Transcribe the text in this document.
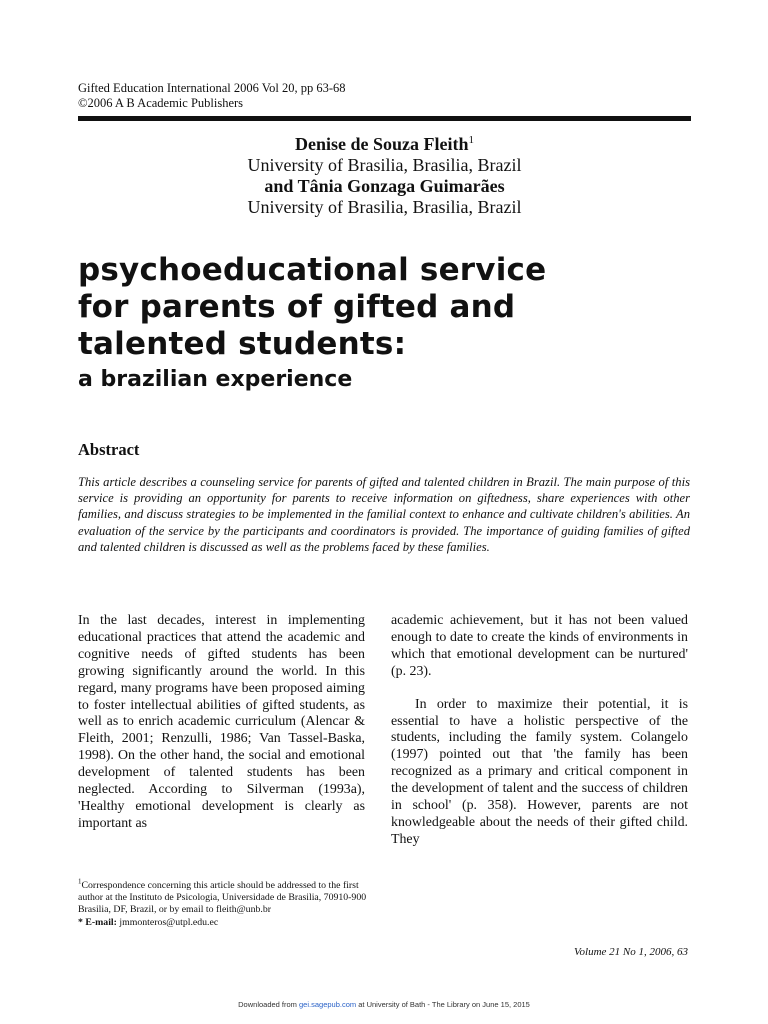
Gifted Education International 2006 Vol 20, pp 63-68
©2006 A B Academic Publishers
Denise de Souza Fleith$^1$
University of Brasilia, Brasilia, Brazil
and Tânia Gonzaga Guimarães
University of Brasilia, Brasilia, Brazil
psychoeducational service
for parents of gifted and
talented students:
a brazilian experience
Abstract
This article describes a counseling service for parents of gifted and talented children in Brazil. The main purpose of this service is providing an opportunity for parents to receive information on giftedness, share experiences with other families, and discuss strategies to be implemented in the familial context to enhance and cultivate children's abilities. An evaluation of the service by the participants and coordinators is provided. The importance of guiding families of gifted and talented children is discussed as well as the problems faced by these families.

In the last decades, interest in implementing educational practices that attend the academic and cognitive needs of gifted students has been growing significantly around the world. In this regard, many programs have been proposed aiming to foster intellectual abilities of gifted students, as well as to enrich academic curriculum (Alencar & Fleith, 2001; Renzulli, 1986; Van Tassel-Baska, 1998). On the other hand, the social and emotional development of talented students has been neglected. According to Silverman (1993a), 'Healthy emotional development is clearly as important as

academic achievement, but it has not been valued enough to date to create the kinds of environments in which that emotional development can be nurtured' (p. 23).

In order to maximize their potential, it is essential to have a holistic perspective of the students, including the family system. Colangelo (1997) pointed out that 'the family has been recognized as a primary and critical component in the development of talent and the success of children in school' (p. 358). However, parents are not knowledgeable about the needs of their gifted child. They

$^1$Correspondence concerning this article should be addressed to the first author at the Instituto de Psicologia, Universidade de Brasilia, 70910-900 Brasilia, DF, Brazil, or by email to fleith@unb.br
* E-mail: jmmonteros@utpl.edu.ec
Volume 21 No 1, 2006, 63
Downloaded from gei.sagepub.com at University of Bath - The Library on June 15, 2015
